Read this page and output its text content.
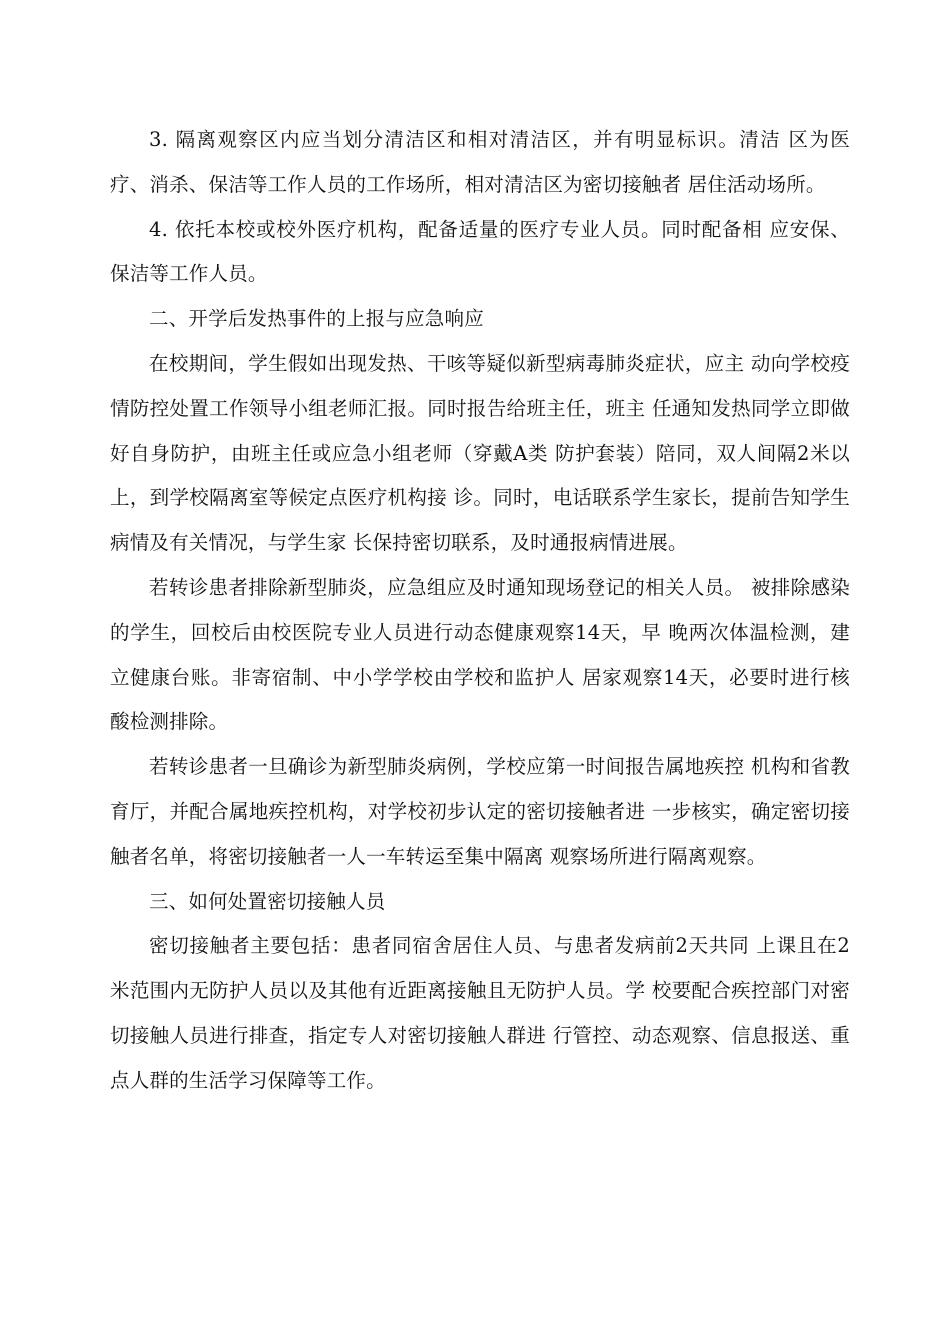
3. 隔离观察区内应当划分清洁区和相对清洁区，并有明显标识。清洁 区为医疗、消杀、保洁等工作人员的工作场所，相对清洁区为密切接触者 居住活动场所。

4. 依托本校或校外医疗机构，配备适量的医疗专业人员。同时配备相 应安保、保洁等工作人员。

二、开学后发热事件的上报与应急响应

在校期间，学生假如出现发热、干咳等疑似新型病毒肺炎症状，应主 动向学校疫情防控处置工作领导小组老师汇报。同时报告给班主任，班主 任通知发热同学立即做好自身防护，由班主任或应急小组老师（穿戴A类 防护套装）陪同，双人间隔2米以上，到学校隔离室等候定点医疗机构接 诊。同时，电话联系学生家长，提前告知学生病情及有关情况，与学生家 长保持密切联系，及时通报病情进展。

若转诊患者排除新型肺炎，应急组应及时通知现场登记的相关人员。 被排除感染的学生，回校后由校医院专业人员进行动态健康观察14天，早 晚两次体温检测，建立健康台账。非寄宿制、中小学学校由学校和监护人 居家观察14天，必要时进行核酸检测排除。

若转诊患者一旦确诊为新型肺炎病例，学校应第一时间报告属地疾控 机构和省教育厅，并配合属地疾控机构，对学校初步认定的密切接触者进 一步核实，确定密切接触者名单，将密切接触者一人一车转运至集中隔离 观察场所进行隔离观察。

三、如何处置密切接触人员

密切接触者主要包括：患者同宿舍居住人员、与患者发病前2天共同 上课且在2米范围内无防护人员以及其他有近距离接触且无防护人员。学 校要配合疾控部门对密切接触人员进行排查，指定专人对密切接触人群进 行管控、动态观察、信息报送、重点人群的生活学习保障等工作。
